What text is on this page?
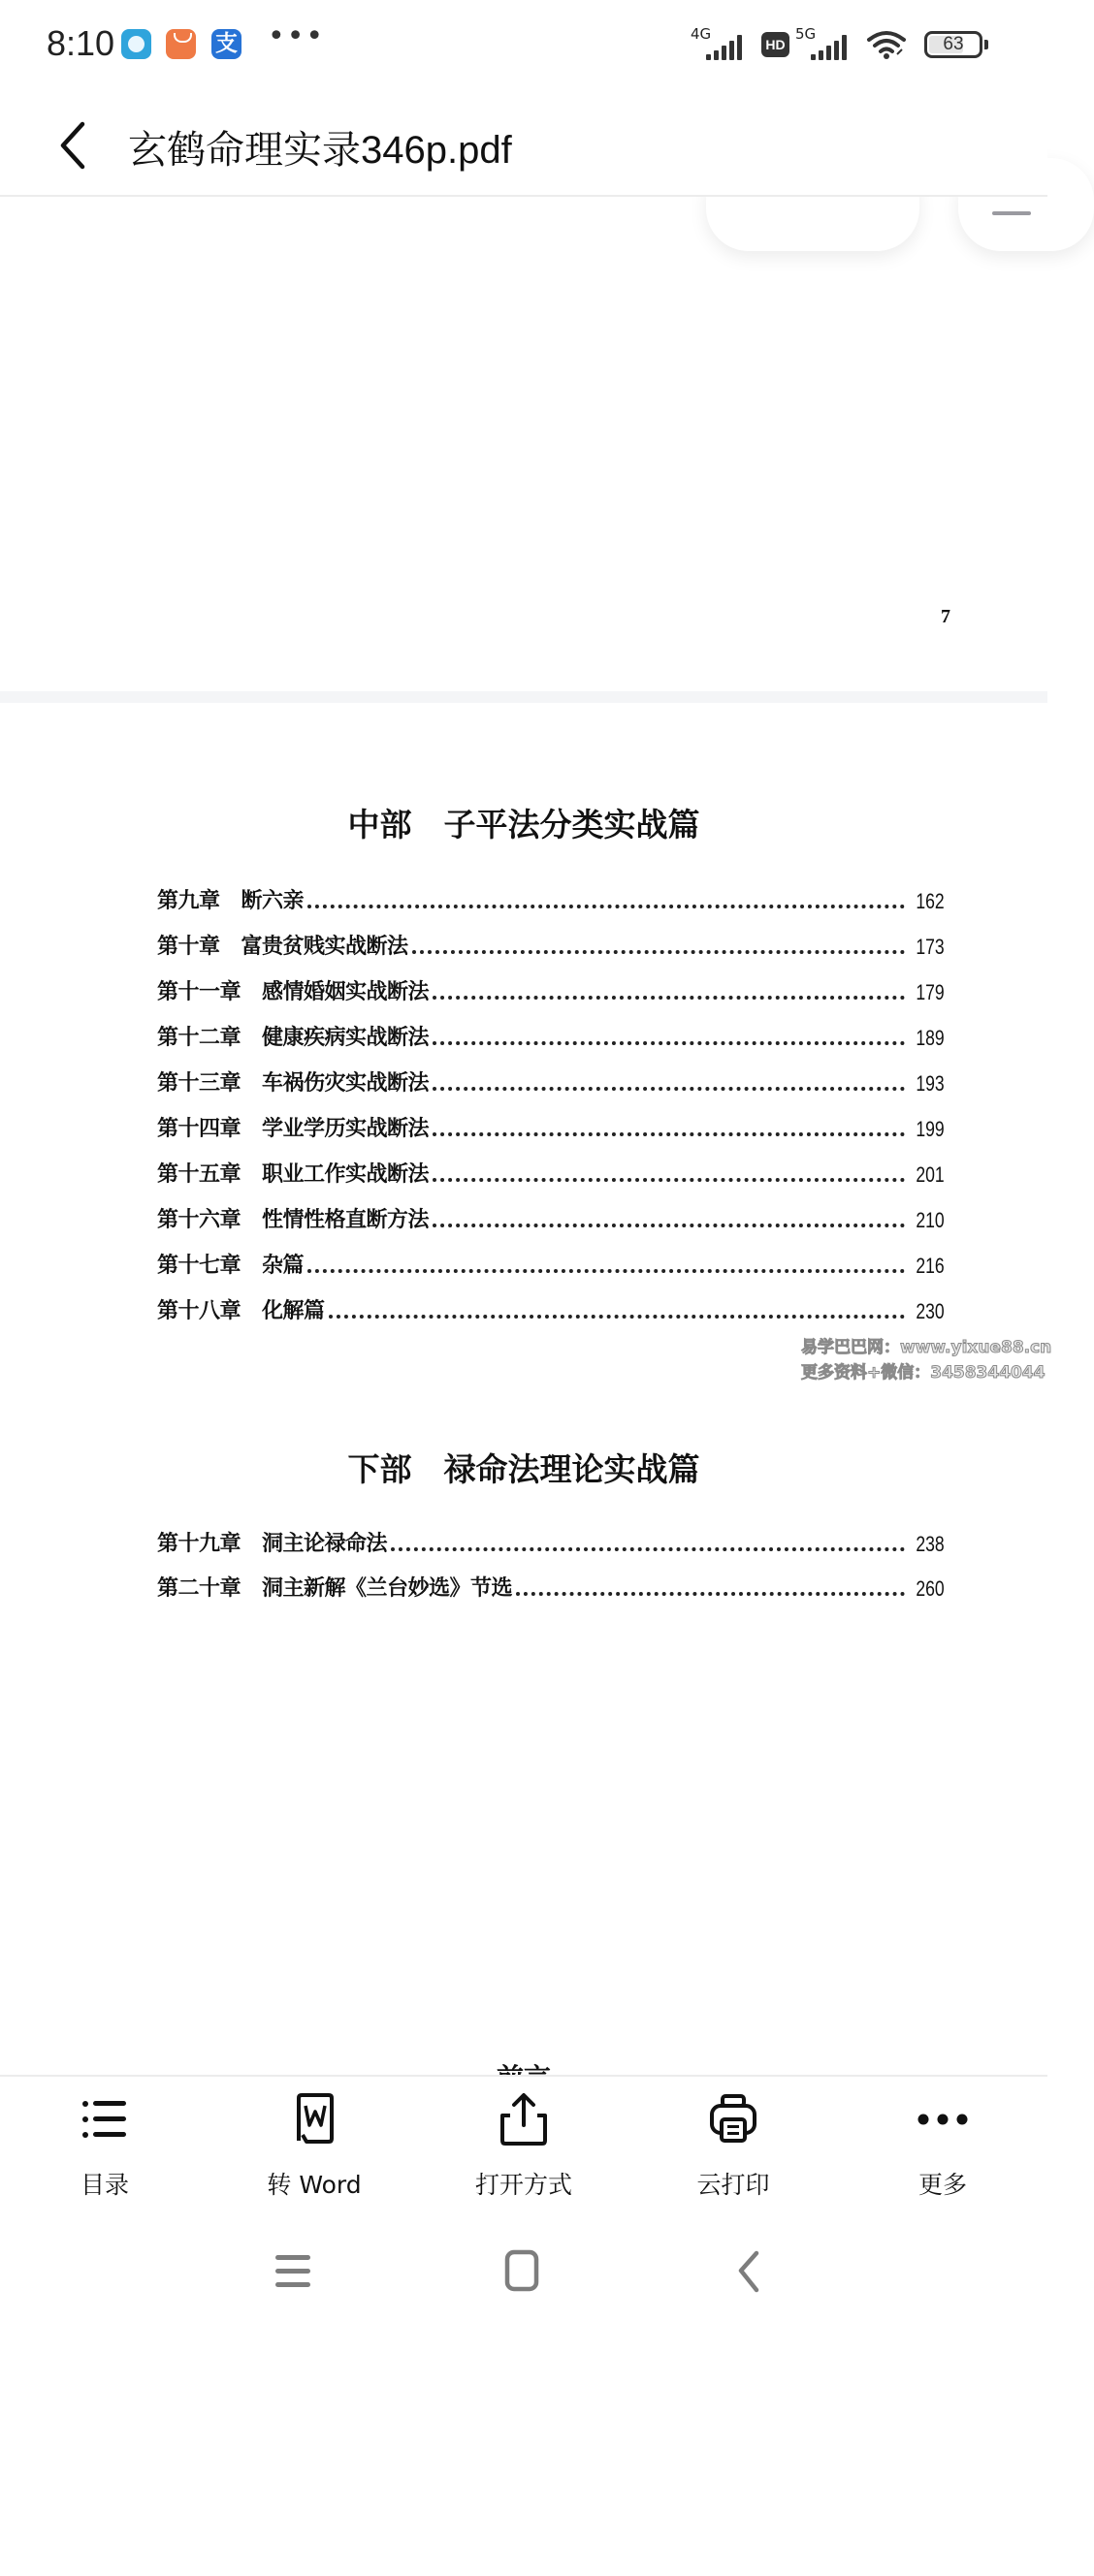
8:10	支 •••	4G
HD
5G	63
玄鹤命理实录346p.pdf
7
中部　子平法分类实战篇
第九章 断六亲	162
第十章 富贵贫贱实战断法	173
第十一章 感情婚姻实战断法	179
第十二章 健康疾病实战断法	189
第十三章 车祸伤灾实战断法	193
第十四章 学业学历实战断法	199
第十五章 职业工作实战断法	201
第十六章 性情性格直断方法	210
第十七章 杂篇	216
第十八章 化解篇	230
易学巴巴网：www.yixue88.cn
更多资料+微信：3458344044
下部　禄命法理论实战篇
第十九章 洞主论禄命法	238
第二十章 洞主新解《兰台妙选》节选	260
目录	转 Word	打开方式	云打印	更多
